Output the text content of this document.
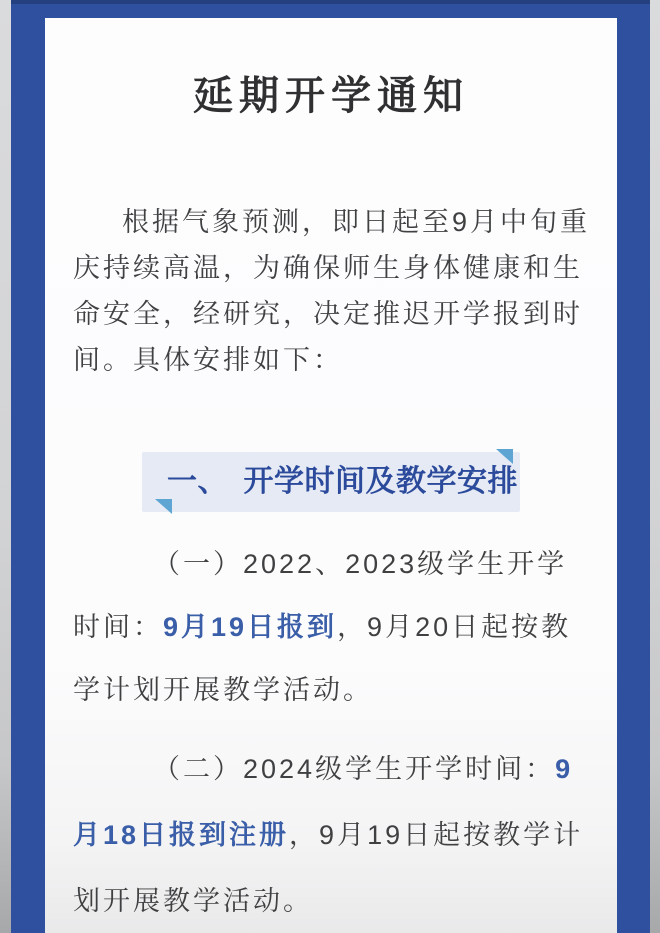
延期开学通知
根据气象预测，即日起至9月中旬重
庆持续高温，为确保师生身体健康和生
命安全，经研究，决定推迟开学报到时
间。具体安排如下：
一、　开学时间及教学安排
（一）2022、2023级学生开学
时间：9月19日报到，9月20日起按教
学计划开展教学活动。
（二）2024级学生开学时间：9
月18日报到注册，9月19日起按教学计
划开展教学活动。
